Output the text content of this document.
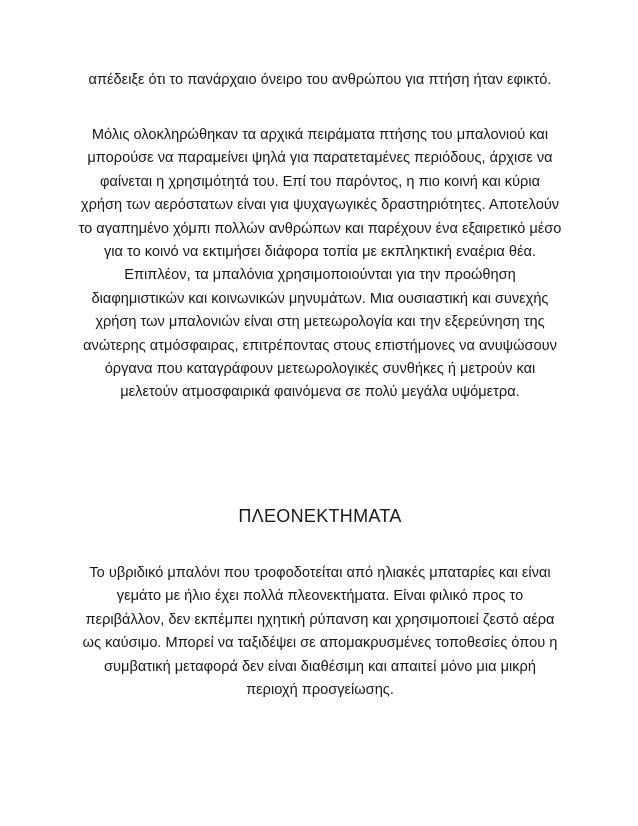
απέδειξε ότι το πανάρχαιο όνειρο του ανθρώπου για πτήση ήταν εφικτό.

Μόλις ολοκληρώθηκαν τα αρχικά πειράματα πτήσης του μπαλονιού και μπορούσε να παραμείνει ψηλά για παρατεταμένες περιόδους, άρχισε να φαίνεται η χρησιμότητά του. Επί του παρόντος, η πιο κοινή και κύρια χρήση των αερόστατων είναι για ψυχαγωγικές δραστηριότητες. Αποτελούν το αγαπημένο χόμπι πολλών ανθρώπων και παρέχουν ένα εξαιρετικό μέσο για το κοινό να εκτιμήσει διάφορα τοπία με εκπληκτική εναέρια θέα. Επιπλέον, τα μπαλόνια χρησιμοποιούνται για την προώθηση διαφημιστικών και κοινωνικών μηνυμάτων. Μια ουσιαστική και συνεχής χρήση των μπαλονιών είναι στη μετεωρολογία και την εξερεύνηση της ανώτερης ατμόσφαιρας, επιτρέποντας στους επιστήμονες να ανυψώσουν όργανα που καταγράφουν μετεωρολογικές συνθήκες ή μετρούν και μελετούν ατμοσφαιρικά φαινόμενα σε πολύ μεγάλα υψόμετρα.

ΠΛΕΟΝΕΚΤΗΜΑΤΑ

Το υβριδικό μπαλόνι που τροφοδοτείται από ηλιακές μπαταρίες και είναι γεμάτο με ήλιο έχει πολλά πλεονεκτήματα. Είναι φιλικό προς το περιβάλλον, δεν εκπέμπει ηχητική ρύπανση και χρησιμοποιεί ζεστό αέρα ως καύσιμο. Μπορεί να ταξιδέψει σε απομακρυσμένες τοποθεσίες όπου η συμβατική μεταφορά δεν είναι διαθέσιμη και απαιτεί μόνο μια μικρή περιοχή προσγείωσης.
